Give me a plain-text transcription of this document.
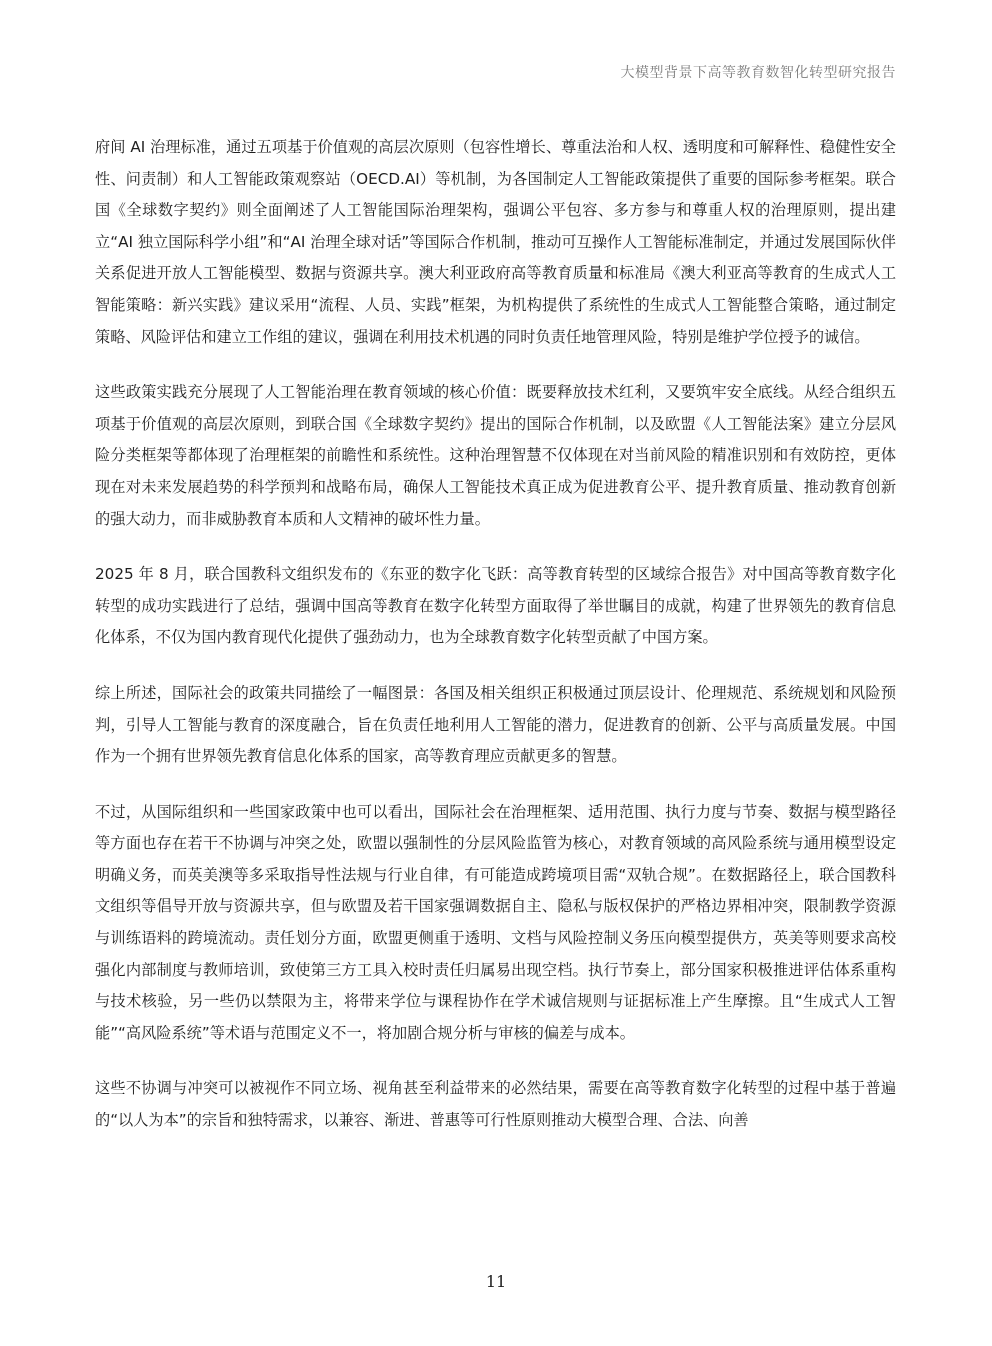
大模型背景下高等教育数智化转型研究报告

府间 AI 治理标准，通过五项基于价值观的高层次原则（包容性增长、尊重法治和人权、透明度和可解释性、稳健性安全性、问责制）和人工智能政策观察站（OECD.AI）等机制，为各国制定人工智能政策提供了重要的国际参考框架。联合国《全球数字契约》则全面阐述了人工智能国际治理架构，强调公平包容、多方参与和尊重人权的治理原则，提出建立“AI 独立国际科学小组”和“AI 治理全球对话”等国际合作机制，推动可互操作人工智能标准制定，并通过发展国际伙伴关系促进开放人工智能模型、数据与资源共享。澳大利亚政府高等教育质量和标准局《澳大利亚高等教育的生成式人工智能策略：新兴实践》建议采用“流程、人员、实践”框架，为机构提供了系统性的生成式人工智能整合策略，通过制定策略、风险评估和建立工作组的建议，强调在利用技术机遇的同时负责任地管理风险，特别是维护学位授予的诚信。

这些政策实践充分展现了人工智能治理在教育领域的核心价值：既要释放技术红利，又要筑牢安全底线。从经合组织五项基于价值观的高层次原则，到联合国《全球数字契约》提出的国际合作机制，以及欧盟《人工智能法案》建立分层风险分类框架等都体现了治理框架的前瞻性和系统性。这种治理智慧不仅体现在对当前风险的精准识别和有效防控，更体现在对未来发展趋势的科学预判和战略布局，确保人工智能技术真正成为促进教育公平、提升教育质量、推动教育创新的强大动力，而非威胁教育本质和人文精神的破坏性力量。

2025 年 8 月，联合国教科文组织发布的《东亚的数字化飞跃：高等教育转型的区域综合报告》对中国高等教育数字化转型的成功实践进行了总结，强调中国高等教育在数字化转型方面取得了举世瞩目的成就，构建了世界领先的教育信息化体系，不仅为国内教育现代化提供了强劲动力，也为全球教育数字化转型贡献了中国方案。

综上所述，国际社会的政策共同描绘了一幅图景：各国及相关组织正积极通过顶层设计、伦理规范、系统规划和风险预判，引导人工智能与教育的深度融合，旨在负责任地利用人工智能的潜力，促进教育的创新、公平与高质量发展。中国作为一个拥有世界领先教育信息化体系的国家，高等教育理应贡献更多的智慧。

不过，从国际组织和一些国家政策中也可以看出，国际社会在治理框架、适用范围、执行力度与节奏、数据与模型路径等方面也存在若干不协调与冲突之处，欧盟以强制性的分层风险监管为核心，对教育领域的高风险系统与通用模型设定明确义务，而英美澳等多采取指导性法规与行业自律，有可能造成跨境项目需“双轨合规”。在数据路径上，联合国教科文组织等倡导开放与资源共享，但与欧盟及若干国家强调数据自主、隐私与版权保护的严格边界相冲突，限制教学资源与训练语料的跨境流动。责任划分方面，欧盟更侧重于透明、文档与风险控制义务压向模型提供方，英美等则要求高校强化内部制度与教师培训，致使第三方工具入校时责任归属易出现空档。执行节奏上，部分国家积极推进评估体系重构与技术核验，另一些仍以禁限为主，将带来学位与课程协作在学术诚信规则与证据标准上产生摩擦。且“生成式人工智能”“高风险系统”等术语与范围定义不一，将加剧合规分析与审核的偏差与成本。

这些不协调与冲突可以被视作不同立场、视角甚至利益带来的必然结果，需要在高等教育数字化转型的过程中基于普遍的“以人为本”的宗旨和独特需求，以兼容、渐进、普惠等可行性原则推动大模型合理、合法、向善

11
